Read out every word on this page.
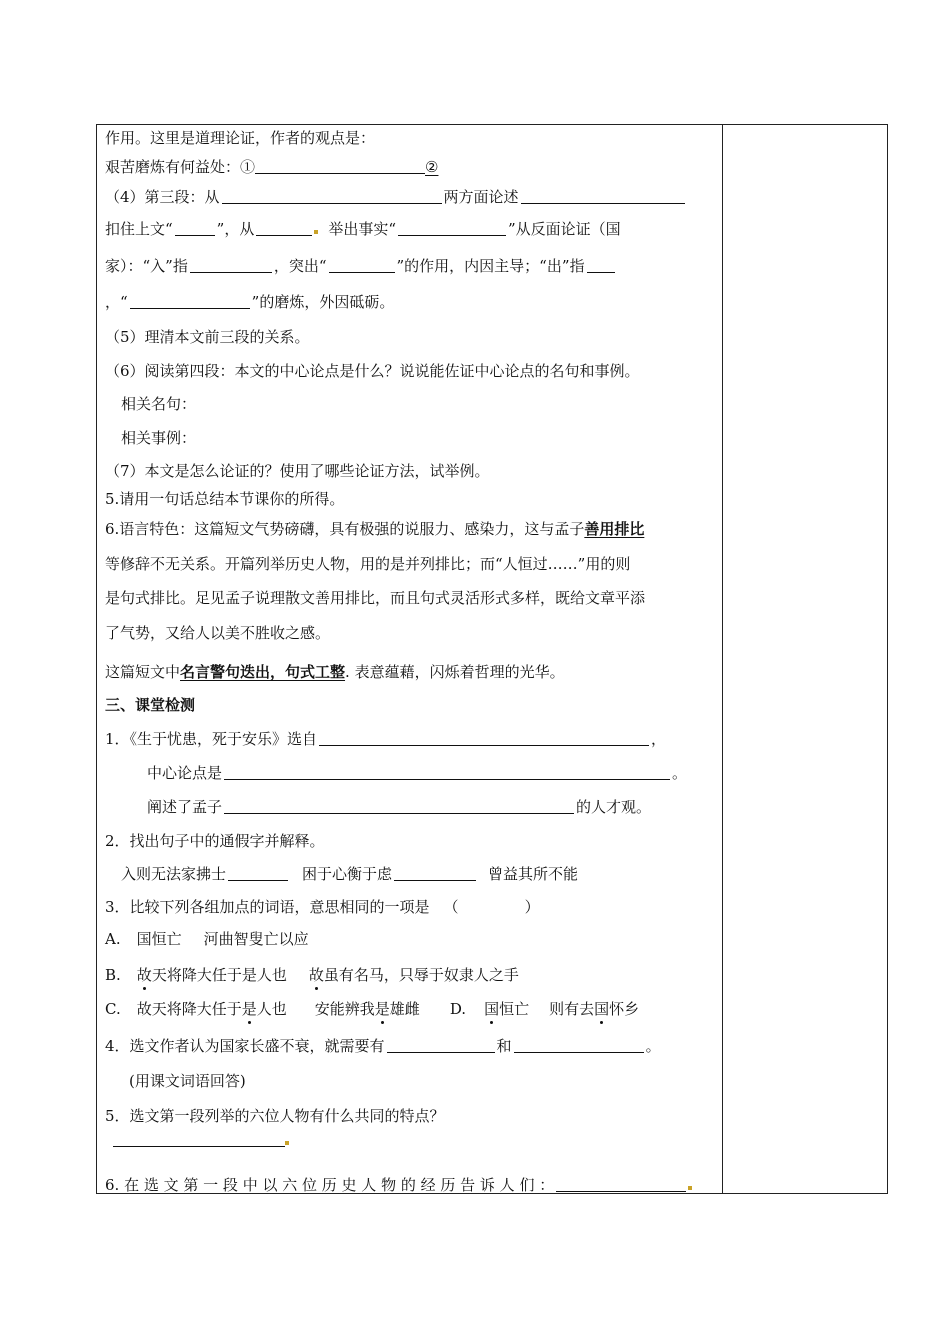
作用。这里是道理论证，作者的观点是：
艰苦磨炼有何益处：①	②
（4）第三段：从	两方面论述
扣住上文“	”，从	举出事实“	”从反面论证（国
家）：“入”指	，突出“	”的作用，内因主导；“出”指
，“	”的磨炼，外因砥砺。
（5）理清本文前三段的关系。
（6）阅读第四段：本文的中心论点是什么？说说能佐证中心论点的名句和事例。
相关名句：
相关事例：
（7）本文是怎么论证的？使用了哪些论证方法，试举例。
5.请用一句话总结本节课你的所得。
6.语言特色：这篇短文气势磅礴，具有极强的说服力、感染力，这与孟子善用排比
等修辞不无关系。开篇列举历史人物，用的是并列排比；而“人恒过……”用的则
是句式排比。足见孟子说理散文善用排比，而且句式灵活形式多样，既给文章平添
了气势，又给人以美不胜收之感。
这篇短文中名言警句迭出，句式工整. 表意蕴藉，闪烁着哲理的光华。
三、课堂检测
1．《生于忧患，死于安乐》选自	，
中心论点是	。
阐述了孟子	的人才观。
2．找出句子中的通假字并解释。
入则无法家拂士	困于心衡于虑	曾益其所不能
3．比较下列各组加点的词语，意思相同的一项是 （	）
A. 国恒亡 河曲智叟亡以应
B. 故天将降大任于是人也 故虽有名马，只辱于奴隶人之手
C. 故天将降大任于是人也 安能辨我是雄雌 D. 国恒亡 则有去国怀乡
4．选文作者认为国家长盛不衰，就需要有	和	。
(用课文词语回答)
5．选文第一段列举的六位人物有什么共同的特点？
6. 在 选 文 第 一 段 中 以 六 位 历 史 人 物 的 经 历 告 诉 人 们 ：
